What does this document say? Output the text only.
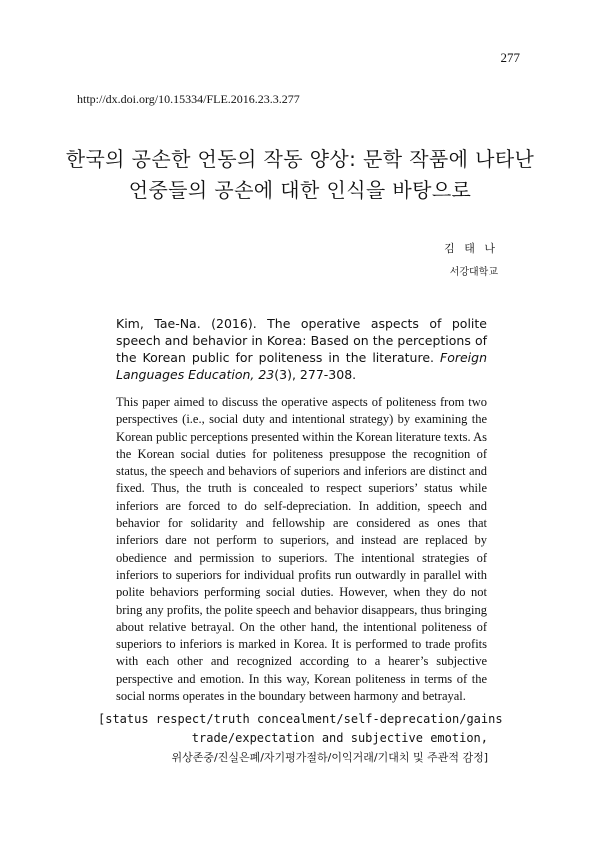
277
http://dx.doi.org/10.15334/FLE.2016.23.3.277
한국의 공손한 언동의 작동 양상: 문학 작품에 나타난
언중들의 공손에 대한 인식을 바탕으로
김 태 나
서강대학교
Kim, Tae-Na. (2016). The operative aspects of polite speech and behavior in Korea: Based on the perceptions of the Korean public for politeness in the literature. Foreign Languages Education, 23(3), 277-308.
This paper aimed to discuss the operative aspects of politeness from two perspectives (i.e., social duty and intentional strategy) by examining the Korean public perceptions presented within the Korean literature texts. As the Korean social duties for politeness presuppose the recognition of status, the speech and behaviors of superiors and inferiors are distinct and fixed. Thus, the truth is concealed to respect superiors’ status while inferiors are forced to do self-depreciation. In addition, speech and behavior for solidarity and fellowship are considered as ones that inferiors dare not perform to superiors, and instead are replaced by obedience and permission to superiors. The intentional strategies of inferiors to superiors for individual profits run outwardly in parallel with polite behaviors performing social duties. However, when they do not bring any profits, the polite speech and behavior disappears, thus bringing about relative betrayal. On the other hand, the intentional politeness of superiors to inferiors is marked in Korea. It is performed to trade profits with each other and recognized according to a hearer’s subjective perspective and emotion. In this way, Korean politeness in terms of the social norms operates in the boundary between harmony and betrayal.
[status respect/truth concealment/self-deprecation/gains
trade/expectation and subjective emotion,
위상존중/진실은폐/자기평가절하/이익거래/기대치 및 주관적 감정]
